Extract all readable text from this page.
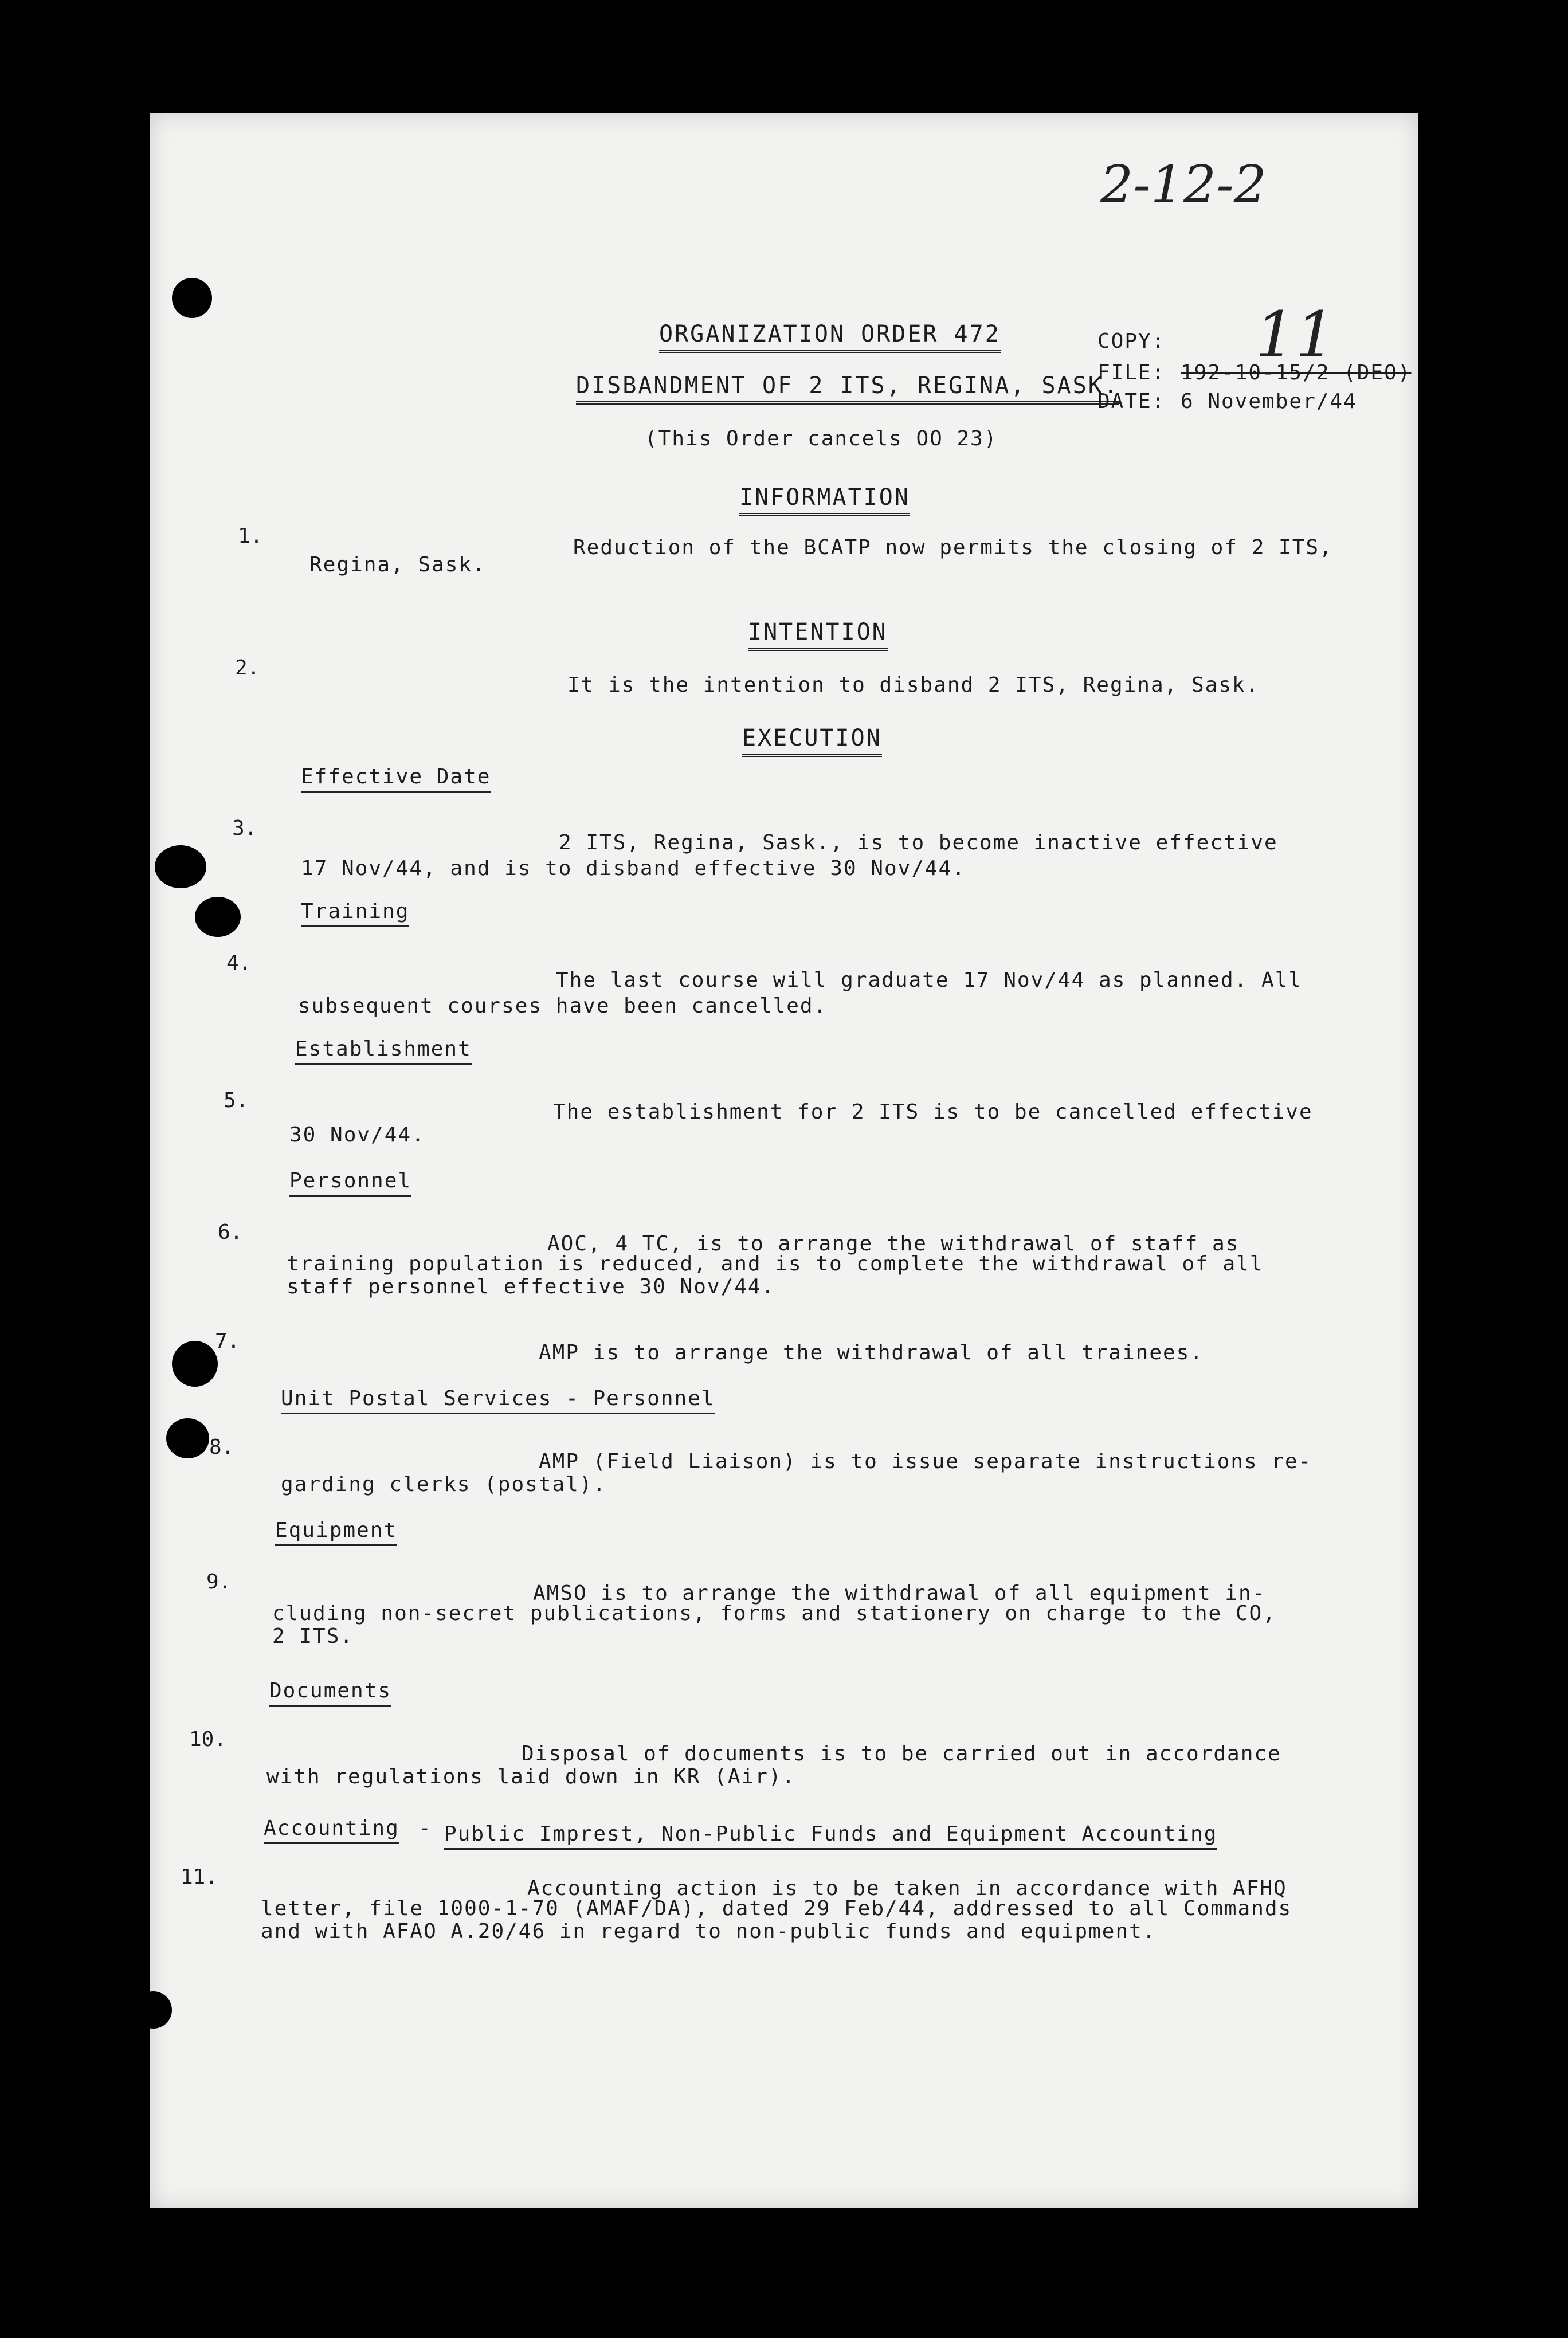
2-12-2
11
ORGANIZATION ORDER 472
DISBANDMENT OF 2 ITS, REGINA, SASK.
(This Order cancels OO 23)
COPY:
FILE: 192-10-15/2 (DEO)
DATE: 6 November/44
INFORMATION
1.	Reduction of the BCATP now permits the closing of 2 ITS,
Regina, Sask.
INTENTION
2.
It is the intention to disband 2 ITS, Regina, Sask.
EXECUTION
Effective Date
3.
2 ITS, Regina, Sask., is to become inactive effective
17 Nov/44, and is to disband effective 30 Nov/44.
Training
4.
The last course will graduate 17 Nov/44 as planned. All
subsequent courses have been cancelled.
Establishment
5.	The establishment for 2 ITS is to be cancelled effective
30 Nov/44.
Personnel
6.	AOC, 4 TC, is to arrange the withdrawal of staff as
training population is reduced, and is to complete the withdrawal of all
staff personnel effective 30 Nov/44.
7.	AMP is to arrange the withdrawal of all trainees.
Unit Postal Services - Personnel
8.
AMP (Field Liaison) is to issue separate instructions re-
garding clerks (postal).
Equipment
9.	AMSO is to arrange the withdrawal of all equipment in-
cluding non-secret publications, forms and stationery on charge to the CO,
2 ITS.
Documents
10.
Disposal of documents is to be carried out in accordance
with regulations laid down in KR (Air).
Accounting - Public Imprest, Non-Public Funds and Equipment Accounting
11.	Accounting action is to be taken in accordance with AFHQ
letter, file 1000-1-70 (AMAF/DA), dated 29 Feb/44, addressed to all Commands
and with AFAO A.20/46 in regard to non-public funds and equipment.
